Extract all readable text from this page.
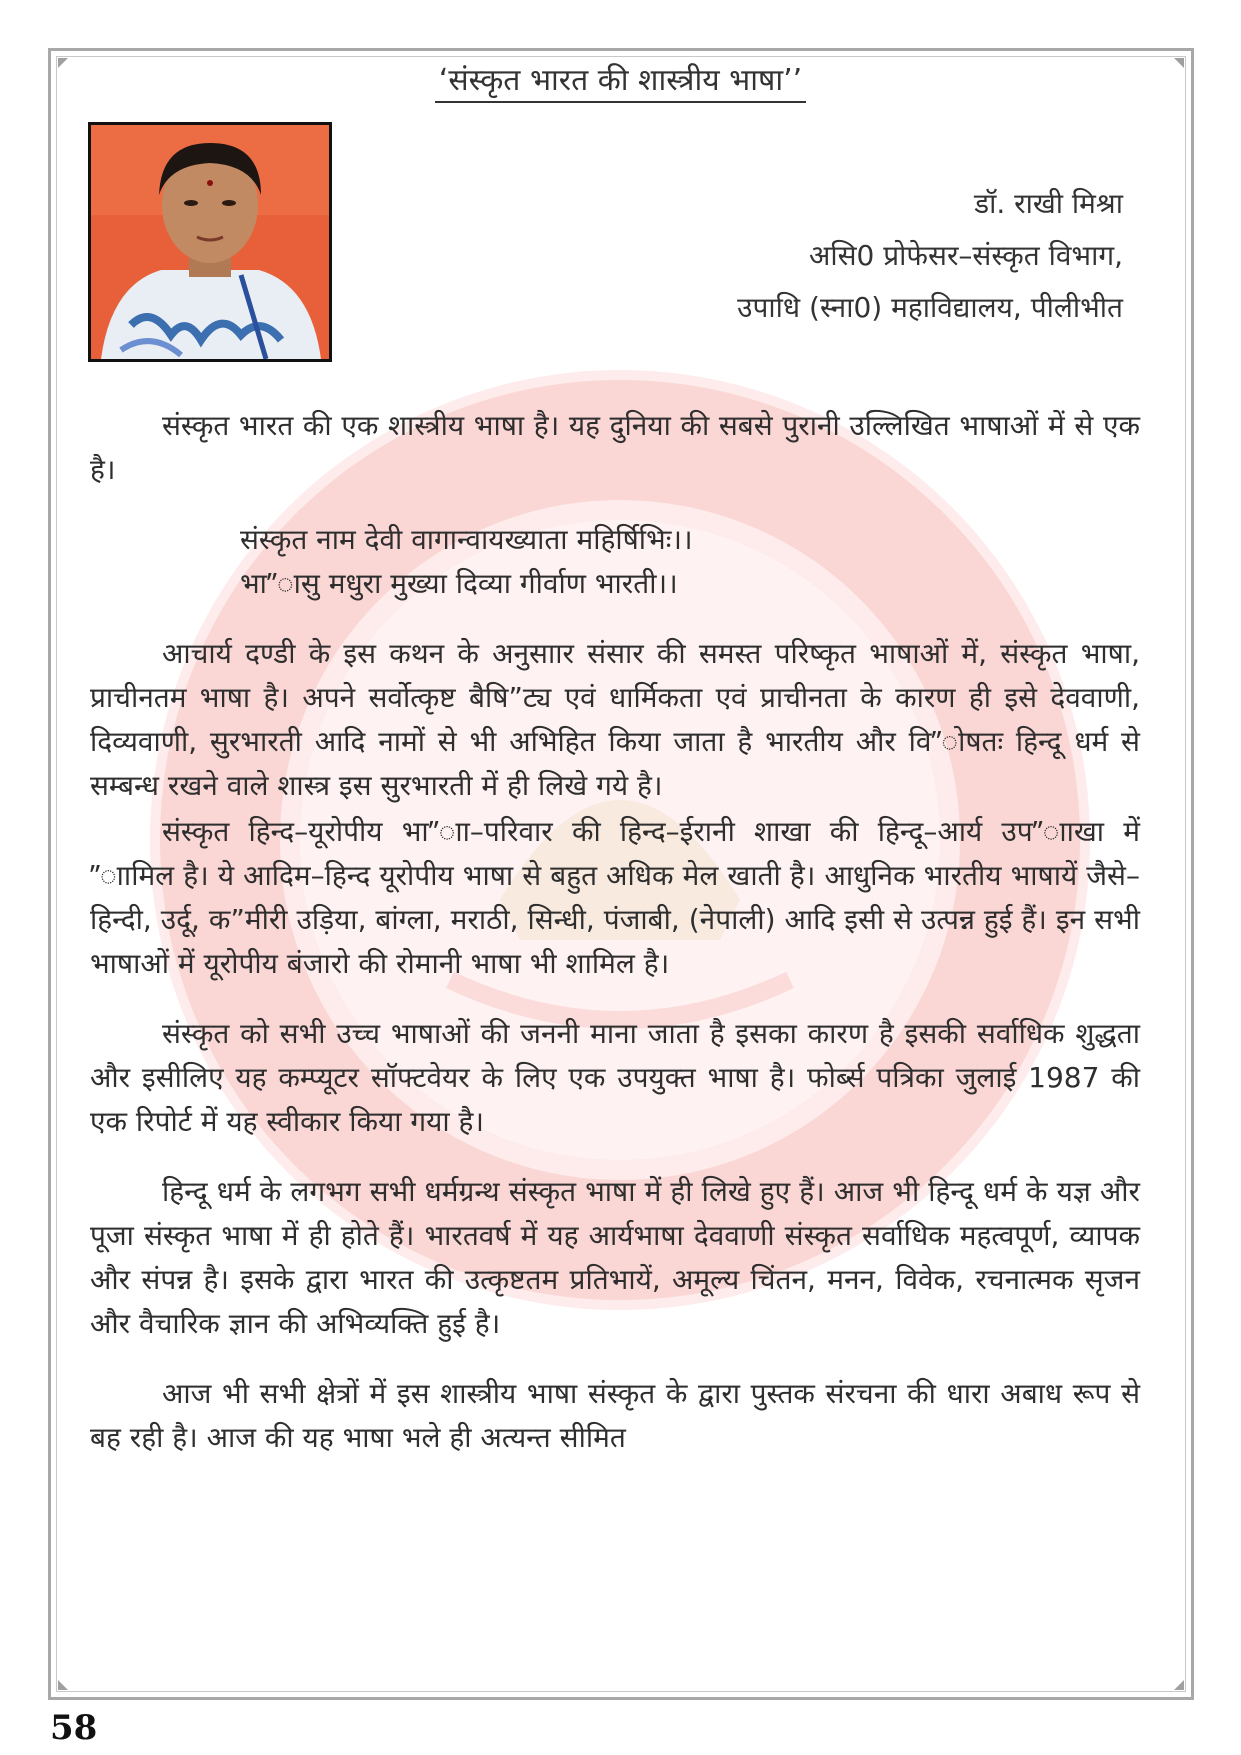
‘संस्कृत भारत की शास्त्रीय भाषा’’
डॉ. राखी मिश्रा
असि0 प्रोफेसर–संस्कृत विभाग,
उपाधि (स्ना0) महाविद्यालय, पीलीभीत

संस्कृत भारत की एक शास्त्रीय भाषा है। यह दुनिया की सबसे पुरानी उल्लिखित भाषाओं में से एक है।

संस्कृत नाम देवी वागान्वायख्याता महिर्षिभिः।।
भा”ासु मधुरा मुख्या दिव्या गीर्वाण भारती।।

आचार्य दण्डी के इस कथन के अनुसाार संसार की समस्त परिष्कृत भाषाओं में, संस्कृत भाषा, प्राचीनतम भाषा है। अपने सर्वोत्कृष्ट बैषि”ट्य एवं धार्मिकता एवं प्राचीनता के कारण ही इसे देववाणी, दिव्यवाणी, सुरभारती आदि नामों से भी अभिहित किया जाता है भारतीय और वि”ोषतः हिन्दू धर्म से सम्बन्ध रखने वाले शास्त्र इस सुरभारती में ही लिखे गये है।

संस्कृत हिन्द–यूरोपीय भा”ाा–परिवार की हिन्द–ईरानी शाखा की हिन्दू–आर्य उप”ााखा में ”ाामिल है। ये आदिम–हिन्द यूरोपीय भाषा से बहुत अधिक मेल खाती है। आधुनिक भारतीय भाषायें जैसे–हिन्दी, उर्दू, क”मीरी उड़िया, बांग्ला, मराठी, सिन्धी, पंजाबी, (नेपाली) आदि इसी से उत्पन्न हुई हैं। इन सभी भाषाओं में यूरोपीय बंजारो की रोमानी भाषा भी शामिल है।

संस्कृत को सभी उच्च भाषाओं की जननी माना जाता है इसका कारण है इसकी सर्वाधिक शुद्धता और इसीलिए यह कम्प्यूटर सॉफ्टवेयर के लिए एक उपयुक्त भाषा है। फोर्ब्स पत्रिका जुलाई 1987 की एक रिपोर्ट में यह स्वीकार किया गया है।

हिन्दू धर्म के लगभग सभी धर्मग्रन्थ संस्कृत भाषा में ही लिखे हुए हैं। आज भी हिन्दू धर्म के यज्ञ और पूजा संस्कृत भाषा में ही होते हैं। भारतवर्ष में यह आर्यभाषा देववाणी संस्कृत सर्वाधिक महत्वपूर्ण, व्यापक और संपन्न है। इसके द्वारा भारत की उत्कृष्टतम प्रतिभायें, अमूल्य चिंतन, मनन, विवेक, रचनात्मक सृजन और वैचारिक ज्ञान की अभिव्यक्ति हुई है।

आज भी सभी क्षेत्रों में इस शास्त्रीय भाषा संस्कृत के द्वारा पुस्तक संरचना की धारा अबाध रूप से बह रही है। आज की यह भाषा भले ही अत्यन्त सीमित

58
